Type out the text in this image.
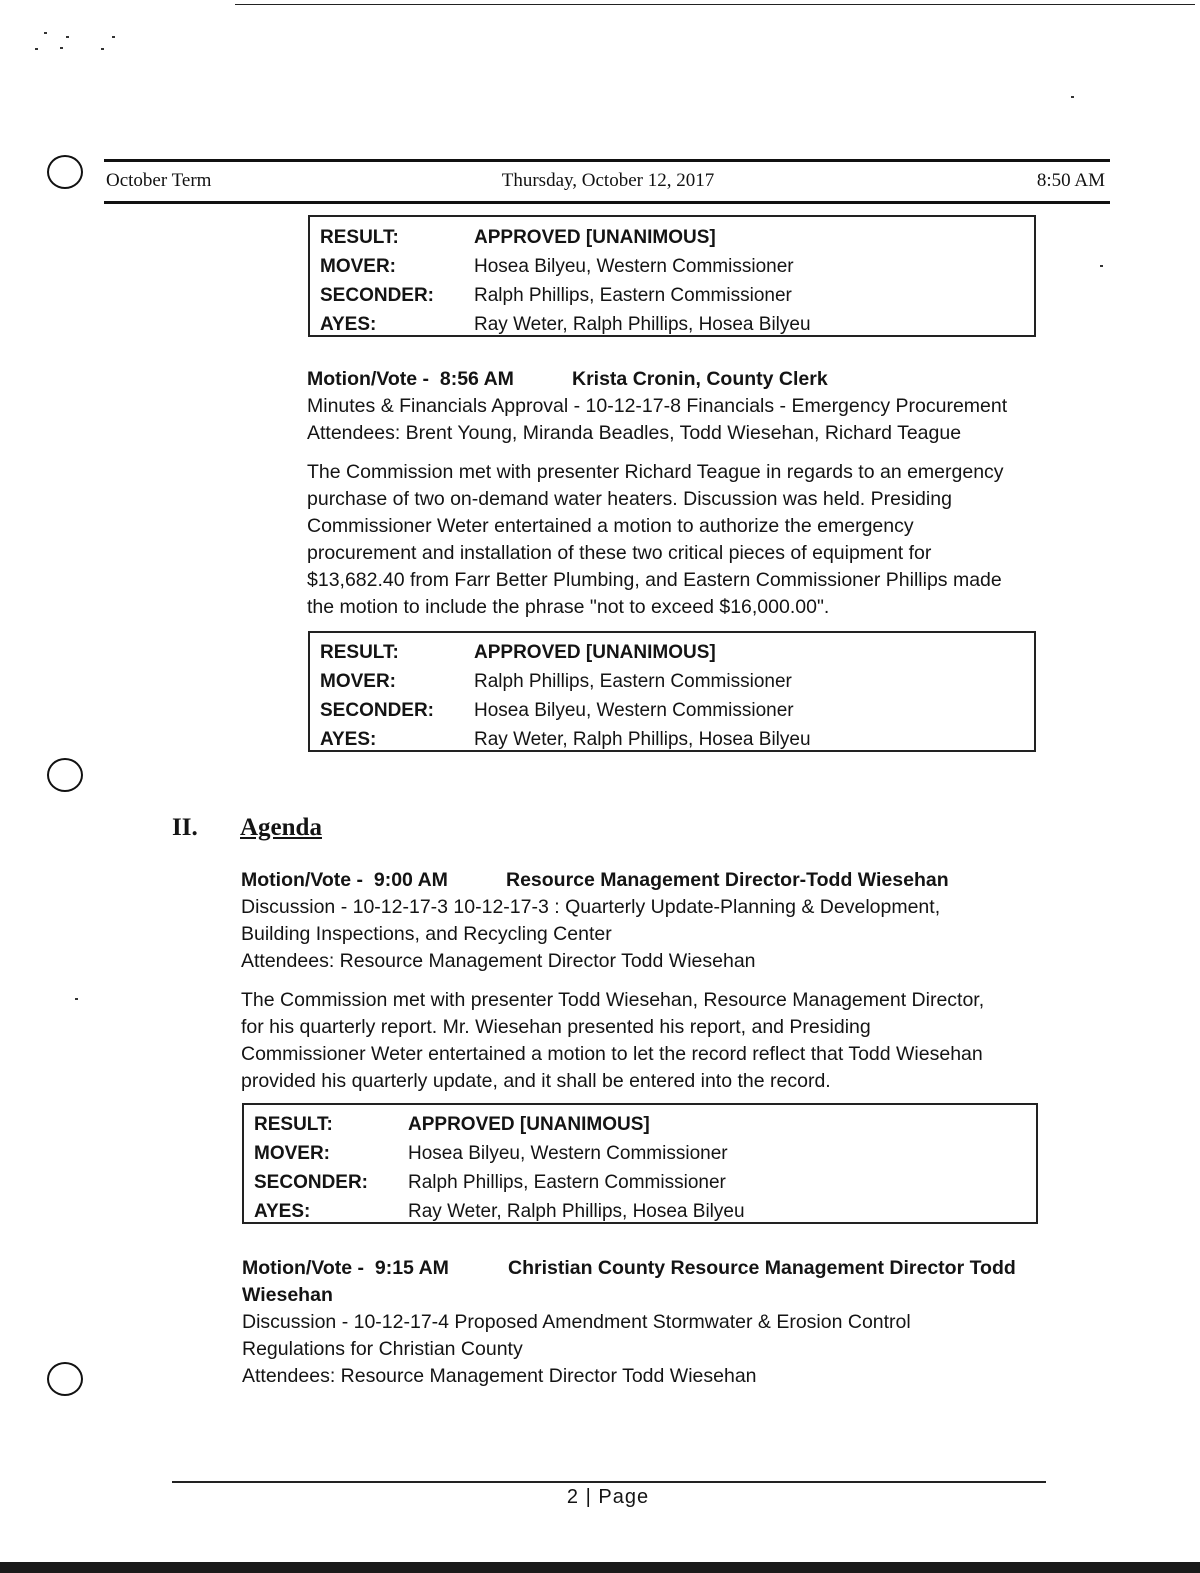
October Term	Thursday, October 12, 2017	8:50 AM
RESULT:	APPROVED [UNANIMOUS]
MOVER:	Hosea Bilyeu, Western Commissioner
SECONDER:	Ralph Phillips, Eastern Commissioner
AYES:	Ray Weter, Ralph Phillips, Hosea Bilyeu
Motion/Vote -  8:56 AM	Krista Cronin, County Clerk
Minutes & Financials Approval - 10-12-17-8 Financials - Emergency Procurement
Attendees: Brent Young, Miranda Beadles, Todd Wiesehan, Richard Teague
The Commission met with presenter Richard Teague in regards to an emergency
purchase of two on-demand water heaters. Discussion was held. Presiding
Commissioner Weter entertained a motion to authorize the emergency
procurement and installation of these two critical pieces of equipment for
$13,682.40 from Farr Better Plumbing, and Eastern Commissioner Phillips made
the motion to include the phrase "not to exceed $16,000.00".
RESULT:	APPROVED [UNANIMOUS]
MOVER:	Ralph Phillips, Eastern Commissioner
SECONDER:	Hosea Bilyeu, Western Commissioner
AYES:	Ray Weter, Ralph Phillips, Hosea Bilyeu
II. Agenda
Motion/Vote -  9:00 AM	Resource Management Director-Todd Wiesehan
Discussion - 10-12-17-3 10-12-17-3 : Quarterly Update-Planning & Development,
Building Inspections, and Recycling Center
Attendees: Resource Management Director Todd Wiesehan
The Commission met with presenter Todd Wiesehan, Resource Management Director,
for his quarterly report. Mr. Wiesehan presented his report, and Presiding
Commissioner Weter entertained a motion to let the record reflect that Todd Wiesehan
provided his quarterly update, and it shall be entered into the record.
RESULT:	APPROVED [UNANIMOUS]
MOVER:	Hosea Bilyeu, Western Commissioner
SECONDER:	Ralph Phillips, Eastern Commissioner
AYES:	Ray Weter, Ralph Phillips, Hosea Bilyeu
Motion/Vote -  9:15 AM	Christian County Resource Management Director Todd
Wiesehan
Discussion - 10-12-17-4 Proposed Amendment Stormwater & Erosion Control
Regulations for Christian County
Attendees: Resource Management Director Todd Wiesehan
2 | Page
